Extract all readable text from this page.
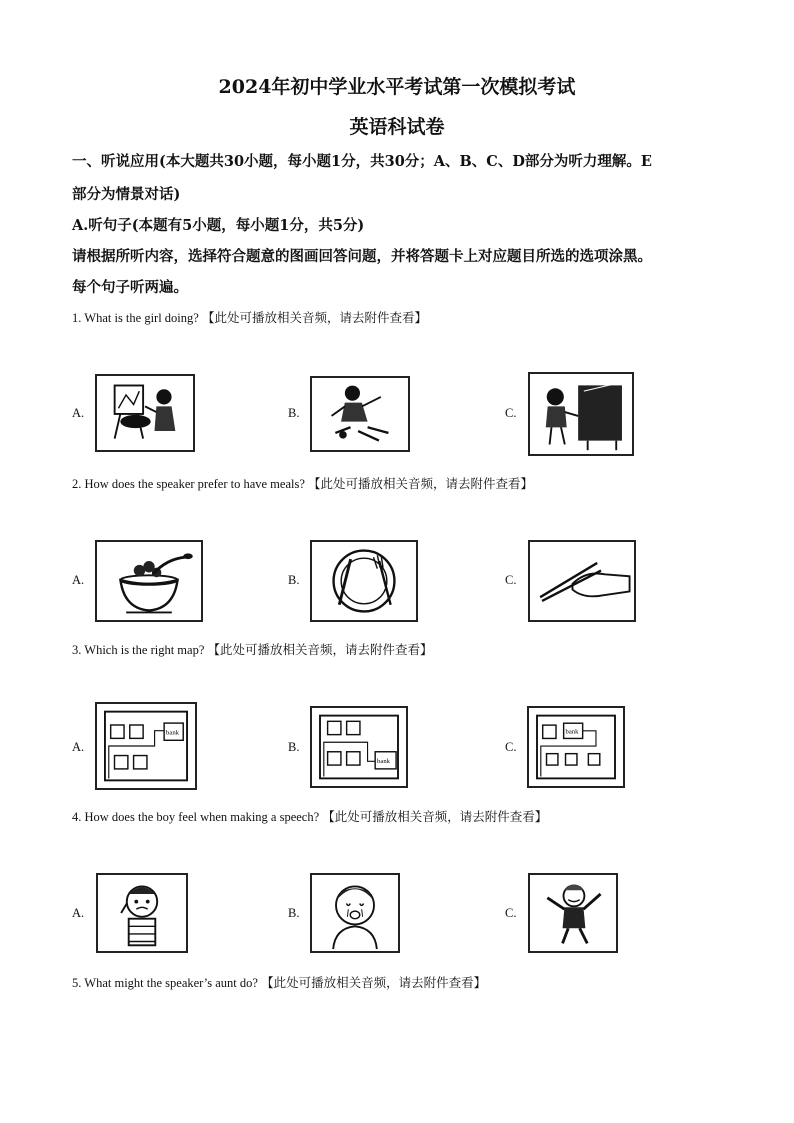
2024年初中学业水平考试第一次模拟考试
英语科试卷

一、听说应用(本大题共30小题，每小题1分，共30分；A、B、C、D部分为听力理解。E

部分为情景对话)

A.听句子(本题有5小题，每小题1分，共5分)

请根据所听内容，选择符合题意的图画回答问题，并将答题卡上对应题目所选的选项涂黑。

每个句子听两遍。

1. What is the girl doing? 【此处可播放相关音频，请去附件查看】

A.	B.	C.

2. How does the speaker prefer to have meals? 【此处可播放相关音频，请去附件查看】

A.	B.	C.

3. Which is the right map? 【此处可播放相关音频，请去附件查看】

A.
bank
B.
bank
C.
bank

4. How does the boy feel when making a speech? 【此处可播放相关音频，请去附件查看】

A.	B.	C.

5. What might the speaker’s aunt do? 【此处可播放相关音频，请去附件查看】
